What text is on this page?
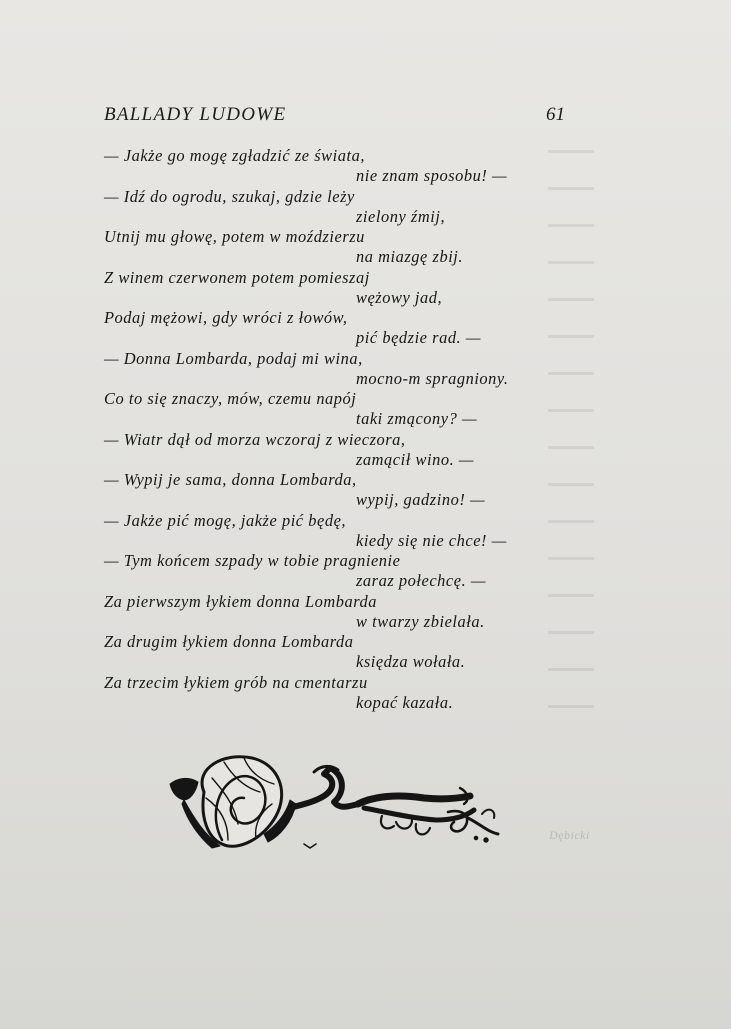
BALLADY LUDOWE	61
— Jakże go mogę zgładzić ze świata,
nie znam sposobu! —
— Idź do ogrodu, szukaj, gdzie leży
zielony źmij,
Utnij mu głowę, potem w moździerzu
na miazgę zbij.
Z winem czerwonem potem pomieszaj
wężowy jad,
Podaj mężowi, gdy wróci z łowów,
pić będzie rad. —
— Donna Lombarda, podaj mi wina,
mocno-m spragniony.
Co to się znaczy, mów, czemu napój
taki zmącony? —
— Wiatr dął od morza wczoraj z wieczora,
zamącił wino. —
— Wypij je sama, donna Lombarda,
wypij, gadzino! —
— Jakże pić mogę, jakże pić będę,
kiedy się nie chce! —
— Tym końcem szpady w tobie pragnienie
zaraz połechcę. —
Za pierwszym łykiem donna Lombarda
w twarzy zbielała.
Za drugim łykiem donna Lombarda
księdza wołała.
Za trzecim łykiem grób na cmentarzu
kopać kazała.
Dębicki
